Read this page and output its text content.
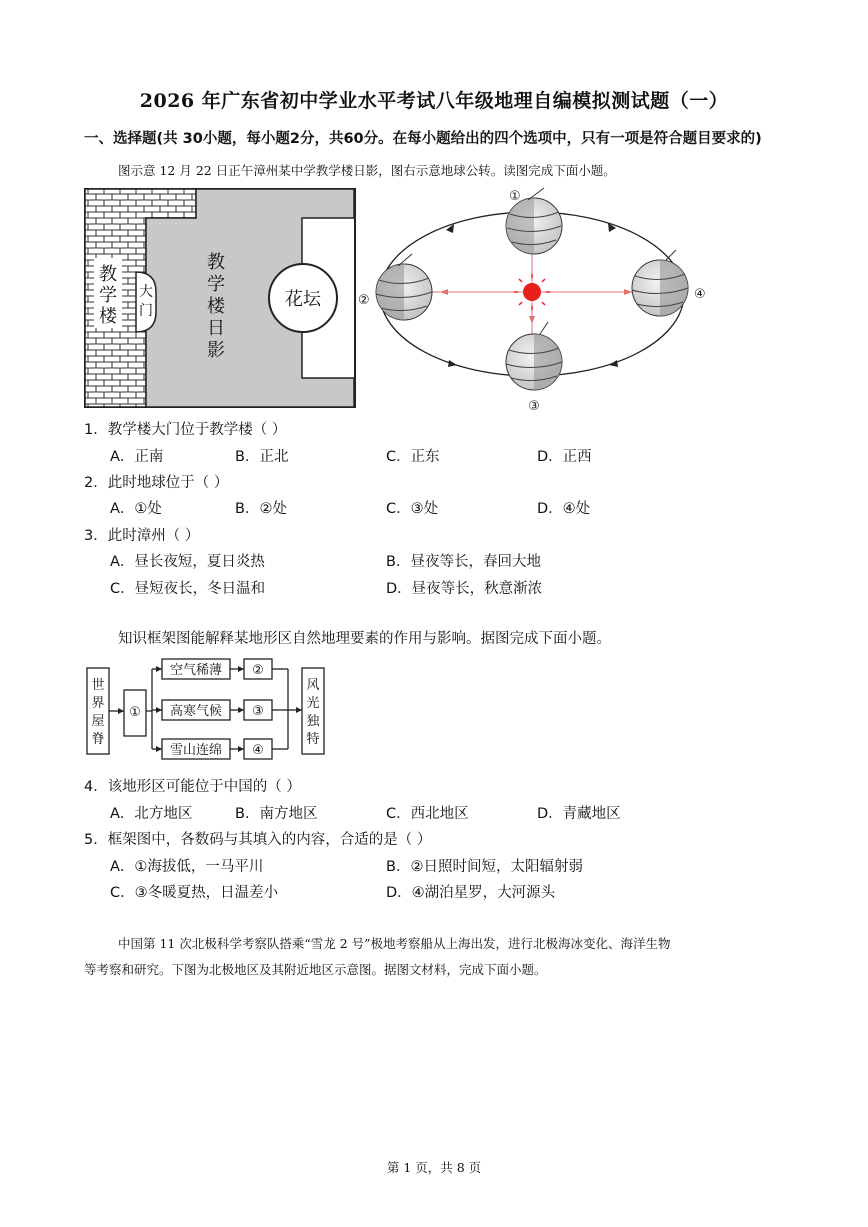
2026 年广东省初中学业水平考试八年级地理自编模拟测试题（一）
一、选择题(共 30小题，每小题2分，共60分。在每小题给出的四个选项中，只有一项是符合题目要求的)
图示意 12 月 22 日正午漳州某中学教学楼日影，图右示意地球公转。读图完成下面小题。
教
学
楼
大
门
教
学
楼
日
影
花坛
①
②
③
④
1．教学楼大门位于教学楼（ ）
A．正南	B．正北	C．正东	D．正西
2．此时地球位于（ ）
A．①处	B．②处	C．③处	D．④处
3．此时漳州（ ）
A．昼长夜短，夏日炎热	B．昼夜等长，春回大地
C．昼短夜长，冬日温和	D．昼夜等长，秋意渐浓
知识框架图能解释某地形区自然地理要素的作用与影响。据图完成下面小题。
世
界
屋
脊
①
空气稀薄
高寒气候
雪山连绵
②
③
④
风
光
独
特
4．该地形区可能位于中国的（ ）
A．北方地区	B．南方地区	C．西北地区	D．青藏地区
5．框架图中，各数码与其填入的内容，合适的是（ ）
A．①海拔低，一马平川	B．②日照时间短，太阳辐射弱
C．③冬暖夏热，日温差小	D．④湖泊星罗，大河源头
中国第 11 次北极科学考察队搭乘“雪龙 2 号”极地考察船从上海出发，进行北极海冰变化、海洋生物
等考察和研究。下图为北极地区及其附近地区示意图。据图文材料，完成下面小题。
第 1 页，共 8 页
